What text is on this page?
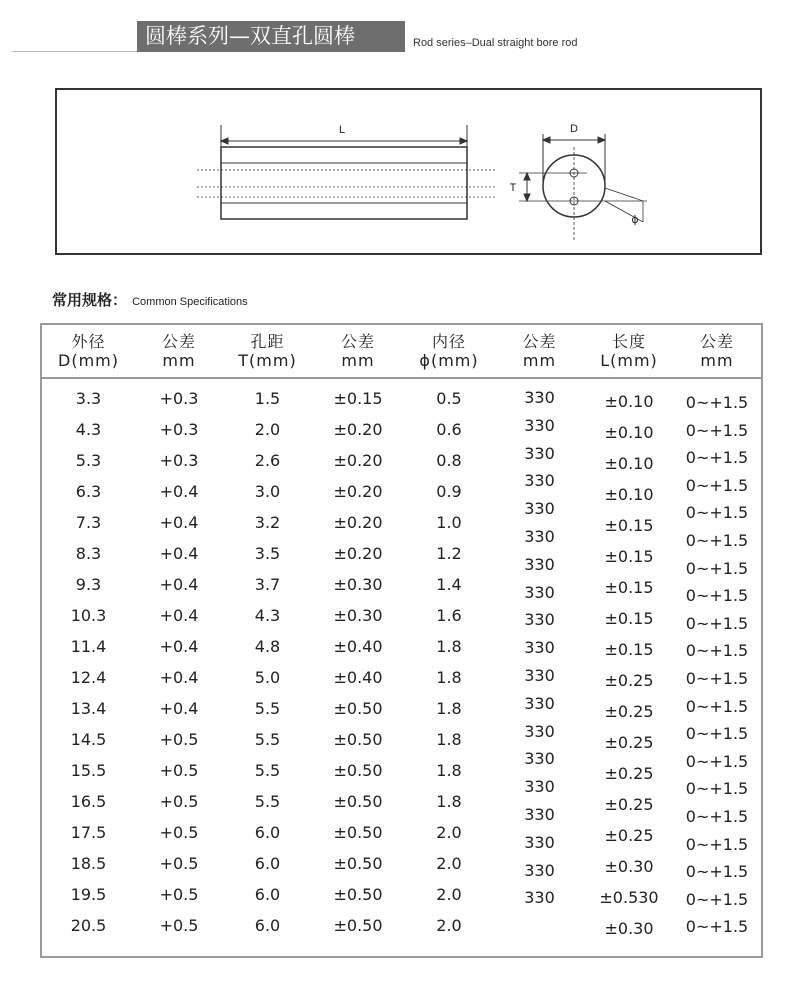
圆棒系列—双直孔圆棒	Rod series–Dual straight bore rod
L	D
T
ϕ
常用规格： Common Specifications
外径
D(mm)
3.3
4.3
5.3
6.3
7.3
8.3
9.3
10.3
11.4
12.4
13.4
14.5
15.5
16.5
17.5
18.5
19.5
20.5
公差
mm
+0.3
+0.3
+0.3
+0.4
+0.4
+0.4
+0.4
+0.4
+0.4
+0.4
+0.4
+0.5
+0.5
+0.5
+0.5
+0.5
+0.5
+0.5
孔距
T(mm)
1.5
2.0
2.6
3.0
3.2
3.5
3.7
4.3
4.8
5.0
5.5
5.5
5.5
5.5
6.0
6.0
6.0
6.0
公差
mm
±0.15
±0.20
±0.20
±0.20
±0.20
±0.20
±0.30
±0.30
±0.40
±0.40
±0.50
±0.50
±0.50
±0.50
±0.50
±0.50
±0.50
±0.50
内径
ϕ(mm)
0.5
0.6
0.8
0.9
1.0
1.2
1.4
1.6
1.8
1.8
1.8
1.8
1.8
1.8
2.0
2.0
2.0
2.0
公差
mm
330
330
330
330
330
330
330
330
330
330
330
330
330
330
330
330
330
330
330
长度
L(mm)
±0.10
±0.10
±0.10
±0.10
±0.15
±0.15
±0.15
±0.15
±0.15
±0.25
±0.25
±0.25
±0.25
±0.25
±0.25
±0.30
±0.530
±0.30
公差
mm
0~+1.5
0~+1.5
0~+1.5
0~+1.5
0~+1.5
0~+1.5
0~+1.5
0~+1.5
0~+1.5
0~+1.5
0~+1.5
0~+1.5
0~+1.5
0~+1.5
0~+1.5
0~+1.5
0~+1.5
0~+1.5
0~+1.5
0~+1.5
